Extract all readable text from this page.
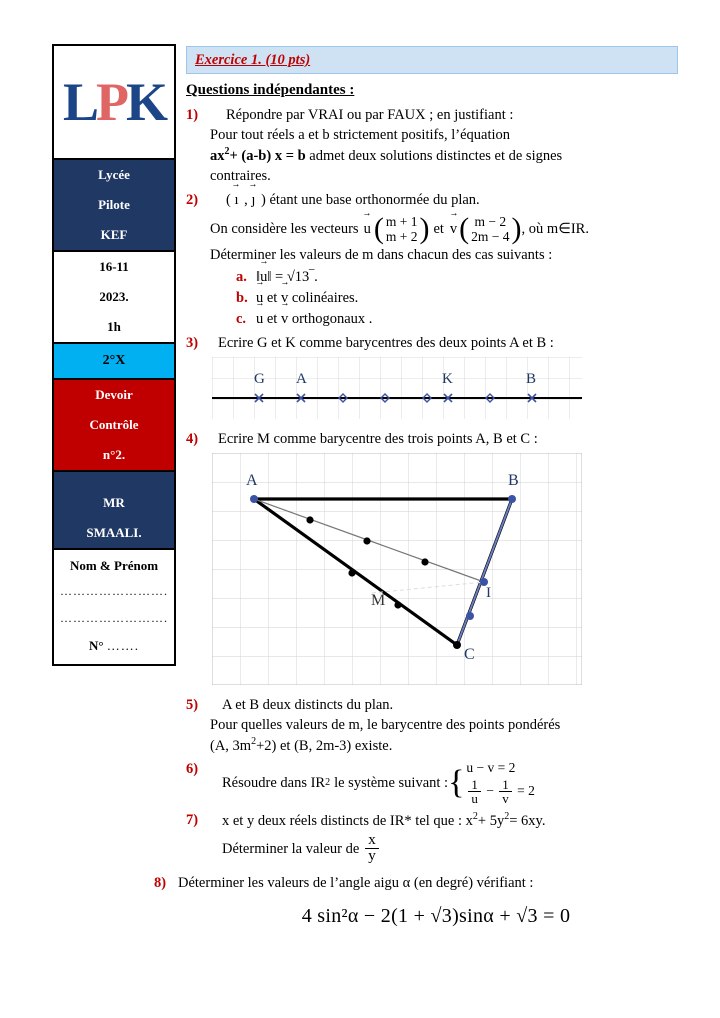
LPK
Lycée
Pilote
KEF
16-11
2023.
1h
2°X
Devoir
Contrôle
n°2.
MR
SMAALI.
Nom & Prénom
…………………….
…………………….
N° …….
Exercice 1. (10 pts)
Questions indépendantes :
1)	Répondre par VRAI ou par FAUX ; en justifiant :
Pour tout réels a et b strictement positifs, l’équation
$ax^2+ (a-b) x = b$ admet deux solutions distinctes et de signes
contraires.
2)	( ı → , ȷ → ) étant une base orthonormée du plan.
On considère les vecteurs u → ( m + 1
m + 2 ) et v → ( m − 2
2m − 4 ) , où m∈IR.
Déterminer les valeurs de m dans chacun des cas suivants :
a. ‖u →‖ = √13‾.
b. u → et v → colinéaires.
c. u → et v → orthogonaux .
3)	Ecrire G et K comme barycentres des deux points A et B :
G A	K	B
4)	Ecrire M comme barycentre des trois points A, B et C :
A	B
M	I
C
5)	A et B deux distincts du plan.
Pour quelles valeurs de m, le barycentre des points pondérés
(A, $3m^2+2$) et (B, 2m-3) existe.
6)
Résoudre dans IR 2 le système suivant : { u − v = 2
$\frac{1}{u} - \frac{1}{v} = 2$
7)	x et y deux réels distincts de IR* tel que : $x^2+ 5y^2= 6xy$.
Déterminer la valeur de $\frac{x}{y}$
8) Déterminer les valeurs de l’angle aigu α (en degré) vérifiant :
4 sin²α − 2(1 + √3)sinα + √3 = 0
